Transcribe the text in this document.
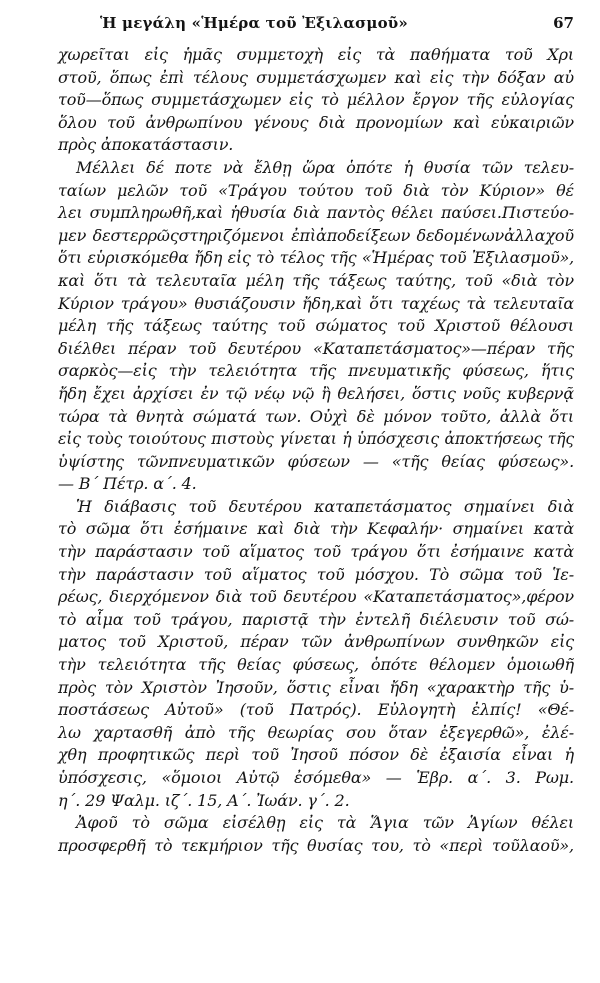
Ἡ μεγάλη «Ἡμέρα τοῦ Ἐξιλασμοῦ»	67

χωρεῖται εἰς ἡμᾶς συμμετοχὴ εἰς τὰ παθήματα τοῦ Χρι
στοῦ, ὅπως ἐπὶ τέλους συμμετάσχωμεν καὶ εἰς τὴν δόξαν αὐ
τοῦ—ὅπως συμμετάσχωμεν εἰς τὸ μέλλον ἔργον τῆς εὐλογίας
ὅλου τοῦ ἀνθρωπίνου γένους διὰ προνομίων καὶ εὐκαιριῶν
πρὸς ἀποκατάστασιν.

Μέλλει δέ ποτε νὰ ἔλθῃ ὥρα ὁπότε ἡ θυσία τῶν τελευ-
ταίων μελῶν τοῦ «Τράγου τούτου τοῦ διὰ τὸν Κύριον» θέ
λει συμπληρωθῆ,καὶ ἡθυσία διὰ παντὸς θέλει παύσει.Πιστεύο-
μεν δεστερρῶςστηριζόμενοι ἐπὶἀποδείξεων δεδομένωνἀλλαχοῦ
ὅτι εὑρισκόμεθα ἤδη εἰς τὸ τέλος τῆς «Ἡμέρας τοῦ Ἐξιλασμοῦ»,
καὶ ὅτι τὰ τελευταῖα μέλη τῆς τάξεως ταύτης, τοῦ «διὰ τὸν
Κύριον τράγου» θυσιάζουσιν ἤδη,καὶ ὅτι ταχέως τὰ τελευταῖα
μέλη τῆς τάξεως ταύτης τοῦ σώματος τοῦ Χριστοῦ θέλουσι
διέλθει πέραν τοῦ δευτέρου «Καταπετάσματος»—πέραν τῆς
σαρκὸς—εἰς τὴν τελειότητα τῆς πνευματικῆς φύσεως, ἥτις
ἤδη ἔχει ἀρχίσει ἐν τῷ νέῳ νῷ ἢ θελήσει, ὅστις νοῦς κυβερνᾷ
τώρα τὰ θνητὰ σώματά των. Οὐχὶ δὲ μόνον τοῦτο, ἀλλὰ ὅτι
εἰς τοὺς τοιούτους πιστοὺς γίνεται ἡ ὑπόσχεσις ἀποκτήσεως τῆς
ὑψίστης τῶνπνευματικῶν φύσεων — «τῆς θείας φύσεως».
— Β΄ Πέτρ. α΄. 4.

Ἡ διάβασις τοῦ δευτέρου καταπετάσματος σημαίνει διὰ
τὸ σῶμα ὅτι ἐσήμαινε καὶ διὰ τὴν Κεφαλήν· σημαίνει κατὰ
τὴν παράστασιν τοῦ αἵματος τοῦ τράγου ὅτι ἐσήμαινε κατὰ
τὴν παράστασιν τοῦ αἵματος τοῦ μόσχου. Τὸ σῶμα τοῦ Ἱε-
ρέως, διερχόμενον διὰ τοῦ δευτέρου «Καταπετάσματος»,φέρον
τὸ αἷμα τοῦ τράγου, παριστᾷ τὴν ἐντελῆ διέλευσιν τοῦ σώ-
ματος τοῦ Χριστοῦ, πέραν τῶν ἀνθρωπίνων συνθηκῶν εἰς
τὴν τελειότητα τῆς θείας φύσεως, ὁπότε θέλομεν ὁμοιωθῆ
πρὸς τὸν Χριστὸν Ἰησοῦν, ὅστις εἶναι ἤδη «χαρακτὴρ τῆς ὑ-
ποστάσεως Αὐτοῦ» (τοῦ Πατρός). Εὐλογητὴ ἐλπίς! «Θέ-
λω χαρτασθῆ ἀπὸ τῆς θεωρίας σου ὅταν ἐξεγερθῶ», ἐλέ-
χθη προφητικῶς περὶ τοῦ Ἰησοῦ πόσον δὲ ἐξαισία εἶναι ἡ
ὑπόσχεσις, «ὅμοιοι Αὐτῷ ἐσόμεθα» — Ἑβρ. α΄. 3. Ρωμ.
η΄. 29 Ψαλμ. ιζ΄. 15, Α΄. Ἰωάν. γ΄. 2.

Ἀφοῦ τὸ σῶμα εἰσέλθῃ εἰς τὰ Ἅγια τῶν Ἁγίων θέλει
προσφερθῆ τὸ τεκμήριον τῆς θυσίας του, τὸ «περὶ τοῦλαοῦ»,
